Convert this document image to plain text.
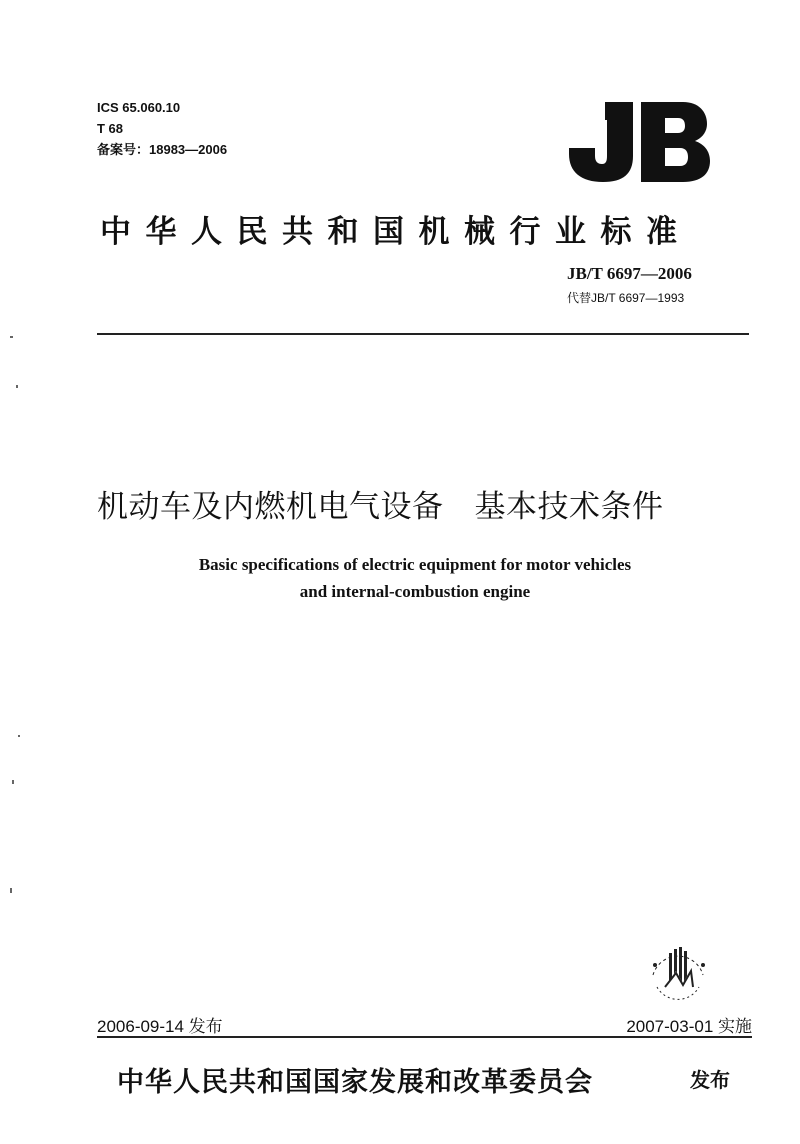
ICS 65.060.10
T 68
备案号：18983—2006
JB
中华人民共和国机械行业标准
JB/T 6697—2006
代替JB/T 6697—1993
机动车及内燃机电气设备   基本技术条件
Basic specifications of electric equipment for motor vehicles
and internal-combustion engine
2006-09-14 发布	2007-03-01 实施
中华人民共和国国家发展和改革委员会	发布
